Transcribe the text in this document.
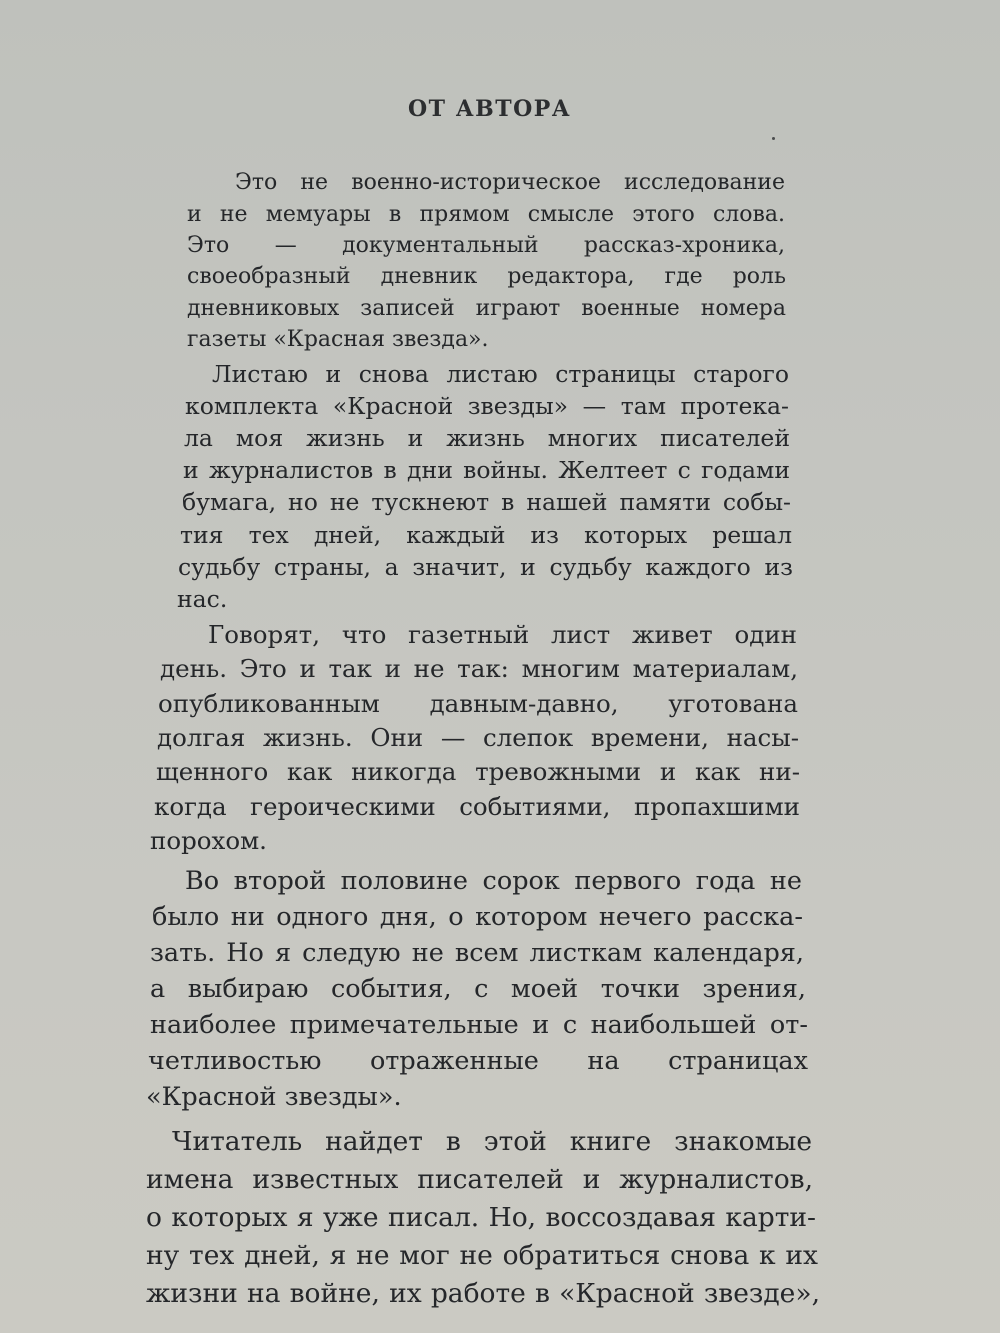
ОТ АВТОРА
Это не военно-историческое исследование
и не мемуары в прямом смысле этого слова.
Это — документальный рассказ-хроника,
своеобразный дневник редактора, где роль
дневниковых записей играют военные номера
газеты «Красная звезда».
Листаю и снова листаю страницы старого
комплекта «Красной звезды» — там протека-
ла моя жизнь и жизнь многих писателей
и журналистов в дни войны. Желтеет с годами
бумага, но не тускнеют в нашей памяти собы-
тия тех дней, каждый из которых решал
судьбу страны, а значит, и судьбу каждого из
нас.
Говорят, что газетный лист живет один
день. Это и так и не так: многим материалам,
опубликованным давным-давно, уготована
долгая жизнь. Они — слепок времени, насы-
щенного как никогда тревожными и как ни-
когда героическими событиями, пропахшими
порохом.
Во второй половине сорок первого года не
было ни одного дня, о котором нечего расска-
зать. Но я следую не всем листкам календаря,
а выбираю события, с моей точки зрения,
наиболее примечательные и с наибольшей от-
четливостью отраженные на страницах
«Красной звезды».
Читатель найдет в этой книге знакомые
имена известных писателей и журналистов,
о которых я уже писал. Но, воссоздавая карти-
ну тех дней, я не мог не обратиться снова к их
жизни на войне, их работе в «Красной звезде»,
